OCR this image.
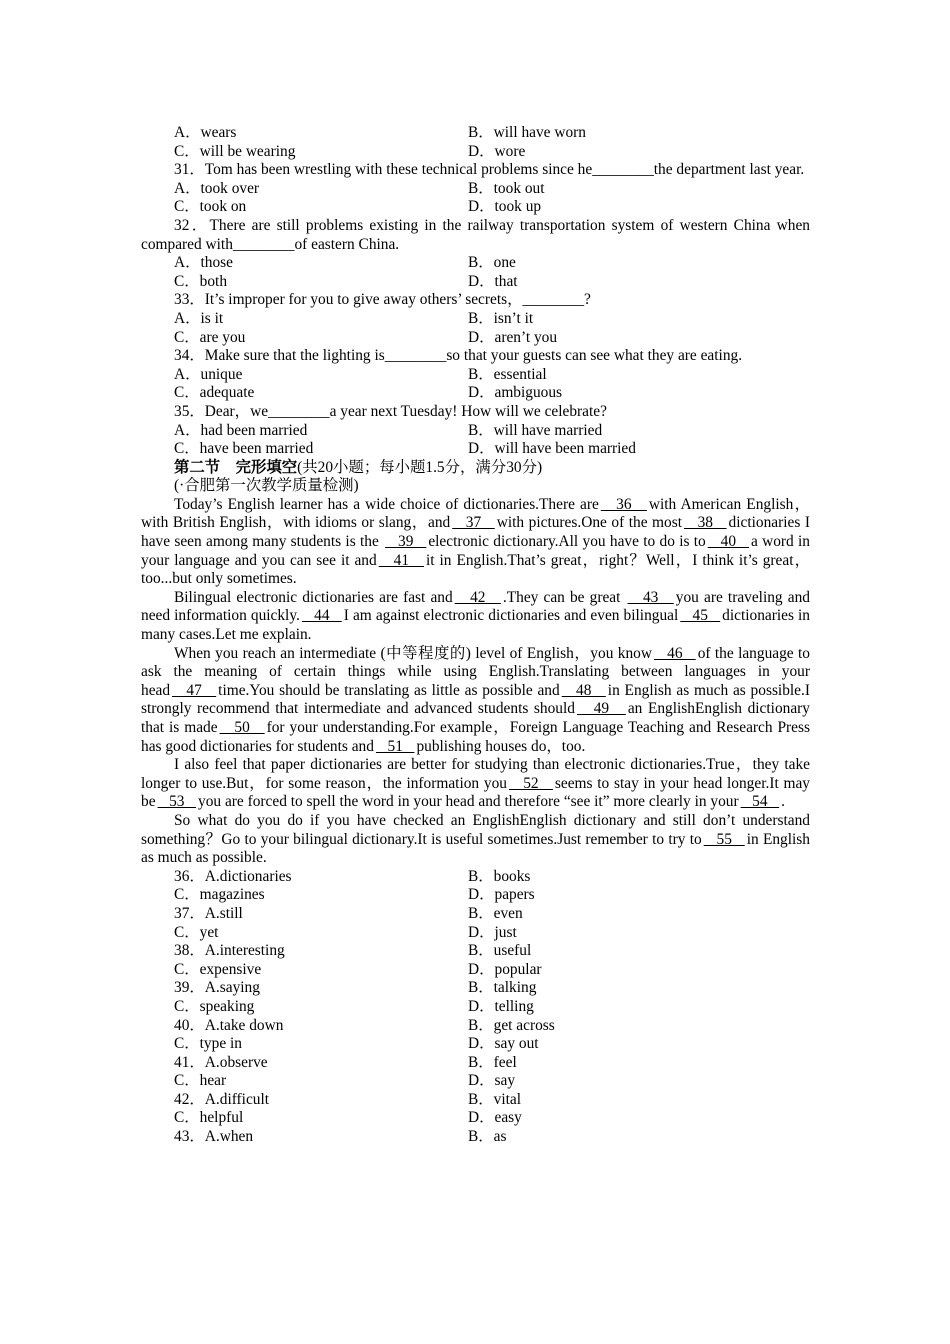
A．wears	B．will have worn
C．will be wearing	D．wore

31．Tom has been wrestling with these technical problems since he________the department last year.

A．took over	B．took out
C．took on	D．took up

32．There are still problems existing in the railway transportation system of western China when compared with________of eastern China.

A．those	B．one
C．both	D．that

33．It’s improper for you to give away others’ secrets，________?

A．is it	B．isn’t it
C．are you	D．aren’t you

34．Make sure that the lighting is________so that your guests can see what they are eating.

A．unique	B．essential
C．adequate	D．ambiguous

35．Dear，we________a year next Tuesday! How will we celebrate?

A．had been married	B．will have married
C．have been married	D．will have been married

第二节　完形填空(共20小题；每小题1.5分，满分30分)

(·合肥第一次教学质量检测)

Today’s English learner has a wide choice of dictionaries.There are   36   with American English，with British English，with idioms or slang，and   37   with pictures.One of the most   38   dictionaries I have seen among many students is the    39   electronic dictionary.All you have to do is to   40   a word in your language and you can see it and   41   it in English.That’s great，right？Well，I think it’s great，too...but only sometimes.

Bilingual electronic dictionaries are fast and   42   .They can be great    43   you are traveling and need information quickly.   44   I am against electronic dictionaries and even bilingual   45   dictionaries in many cases.Let me explain.

When you reach an intermediate (中等程度的) level of English，you know   46   of the language to ask the meaning of certain things while using English.Translating between languages in your head   47   time.You should be translating as little as possible and   48   in English as much as possible.I strongly recommend that intermediate and advanced students should   49   an EnglishEnglish dictionary that is made   50   for your understanding.For example，Foreign Language Teaching and Research Press has good dictionaries for students and   51   publishing houses do，too.

I also feel that paper dictionaries are better for studying than electronic dictionaries.True，they take longer to use.But，for some reason，the information you   52   seems to stay in your head longer.It may be   53   you are forced to spell the word in your head and therefore “see it” more clearly in your   54   .

So what do you do if you have checked an EnglishEnglish dictionary and still don’t understand something？Go to your bilingual dictionary.It is useful sometimes.Just remember to try to   55   in English as much as possible.

36．A.dictionaries	B．books
C．magazines	D．papers
37．A.still	B．even
C．yet	D．just
38．A.interesting	B．useful
C．expensive	D．popular
39．A.saying	B．talking
C．speaking	D．telling
40．A.take down	B．get across
C．type in	D．say out
41．A.observe	B．feel
C．hear	D．say
42．A.difficult	B．vital
C．helpful	D．easy
43．A.when	B．as
